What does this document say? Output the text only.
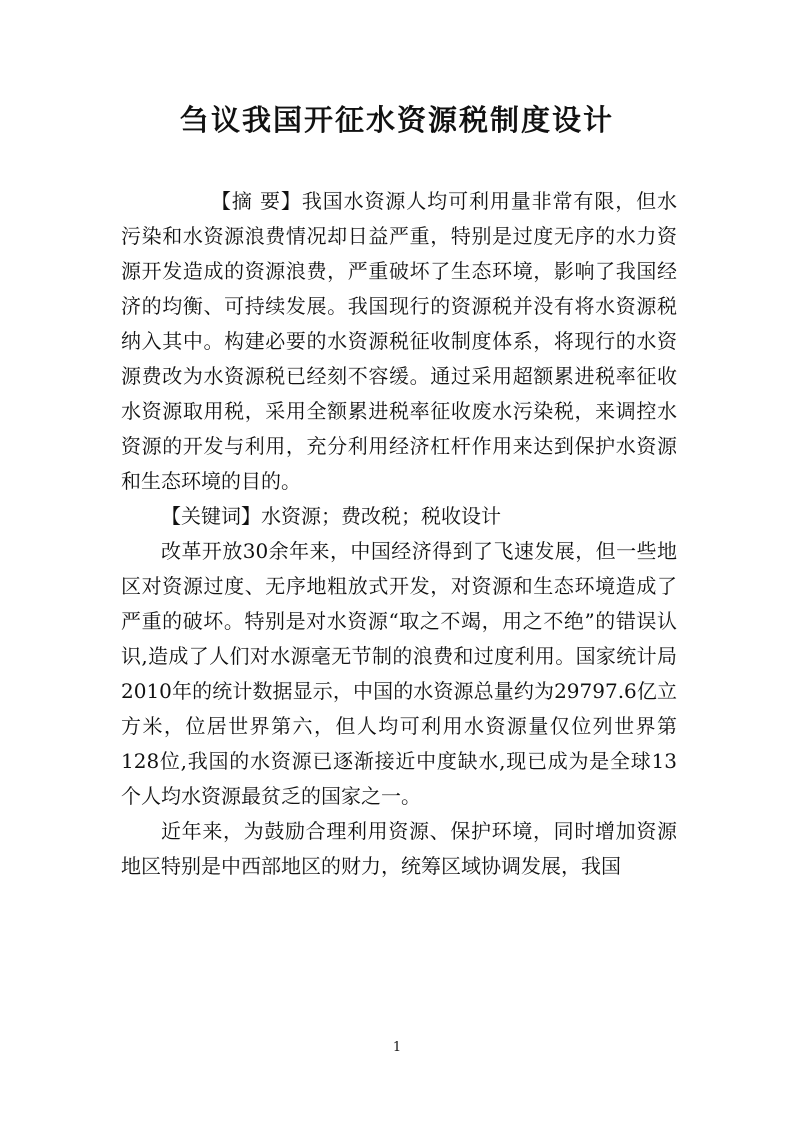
刍议我国开征水资源税制度设计

【摘 要】我国水资源人均可利用量非常有限，但水污染和水资源浪费情况却日益严重，特别是过度无序的水力资源开发造成的资源浪费，严重破坏了生态环境，影响了我国经济的均衡、可持续发展。我国现行的资源税并没有将水资源税纳入其中。构建必要的水资源税征收制度体系，将现行的水资源费改为水资源税已经刻不容缓。通过采用超额累进税率征收水资源取用税，采用全额累进税率征收废水污染税，来调控水资源的开发与利用，充分利用经济杠杆作用来达到保护水资源和生态环境的目的。

【关键词】水资源；费改税；税收设计

改革开放30余年来，中国经济得到了飞速发展，但一些地区对资源过度、无序地粗放式开发，对资源和生态环境造成了严重的破坏。特别是对水资源“取之不竭，用之不绝”的错误认识,造成了人们对水源毫无节制的浪费和过度利用。国家统计局2010年的统计数据显示，中国的水资源总量约为29797.6亿立方米，位居世界第六，但人均可利用水资源量仅位列世界第128位,我国的水资源已逐渐接近中度缺水,现已成为是全球13个人均水资源最贫乏的国家之一。

近年来，为鼓励合理利用资源、保护环境，同时增加资源地区特别是中西部地区的财力，统筹区域协调发展，我国

1
